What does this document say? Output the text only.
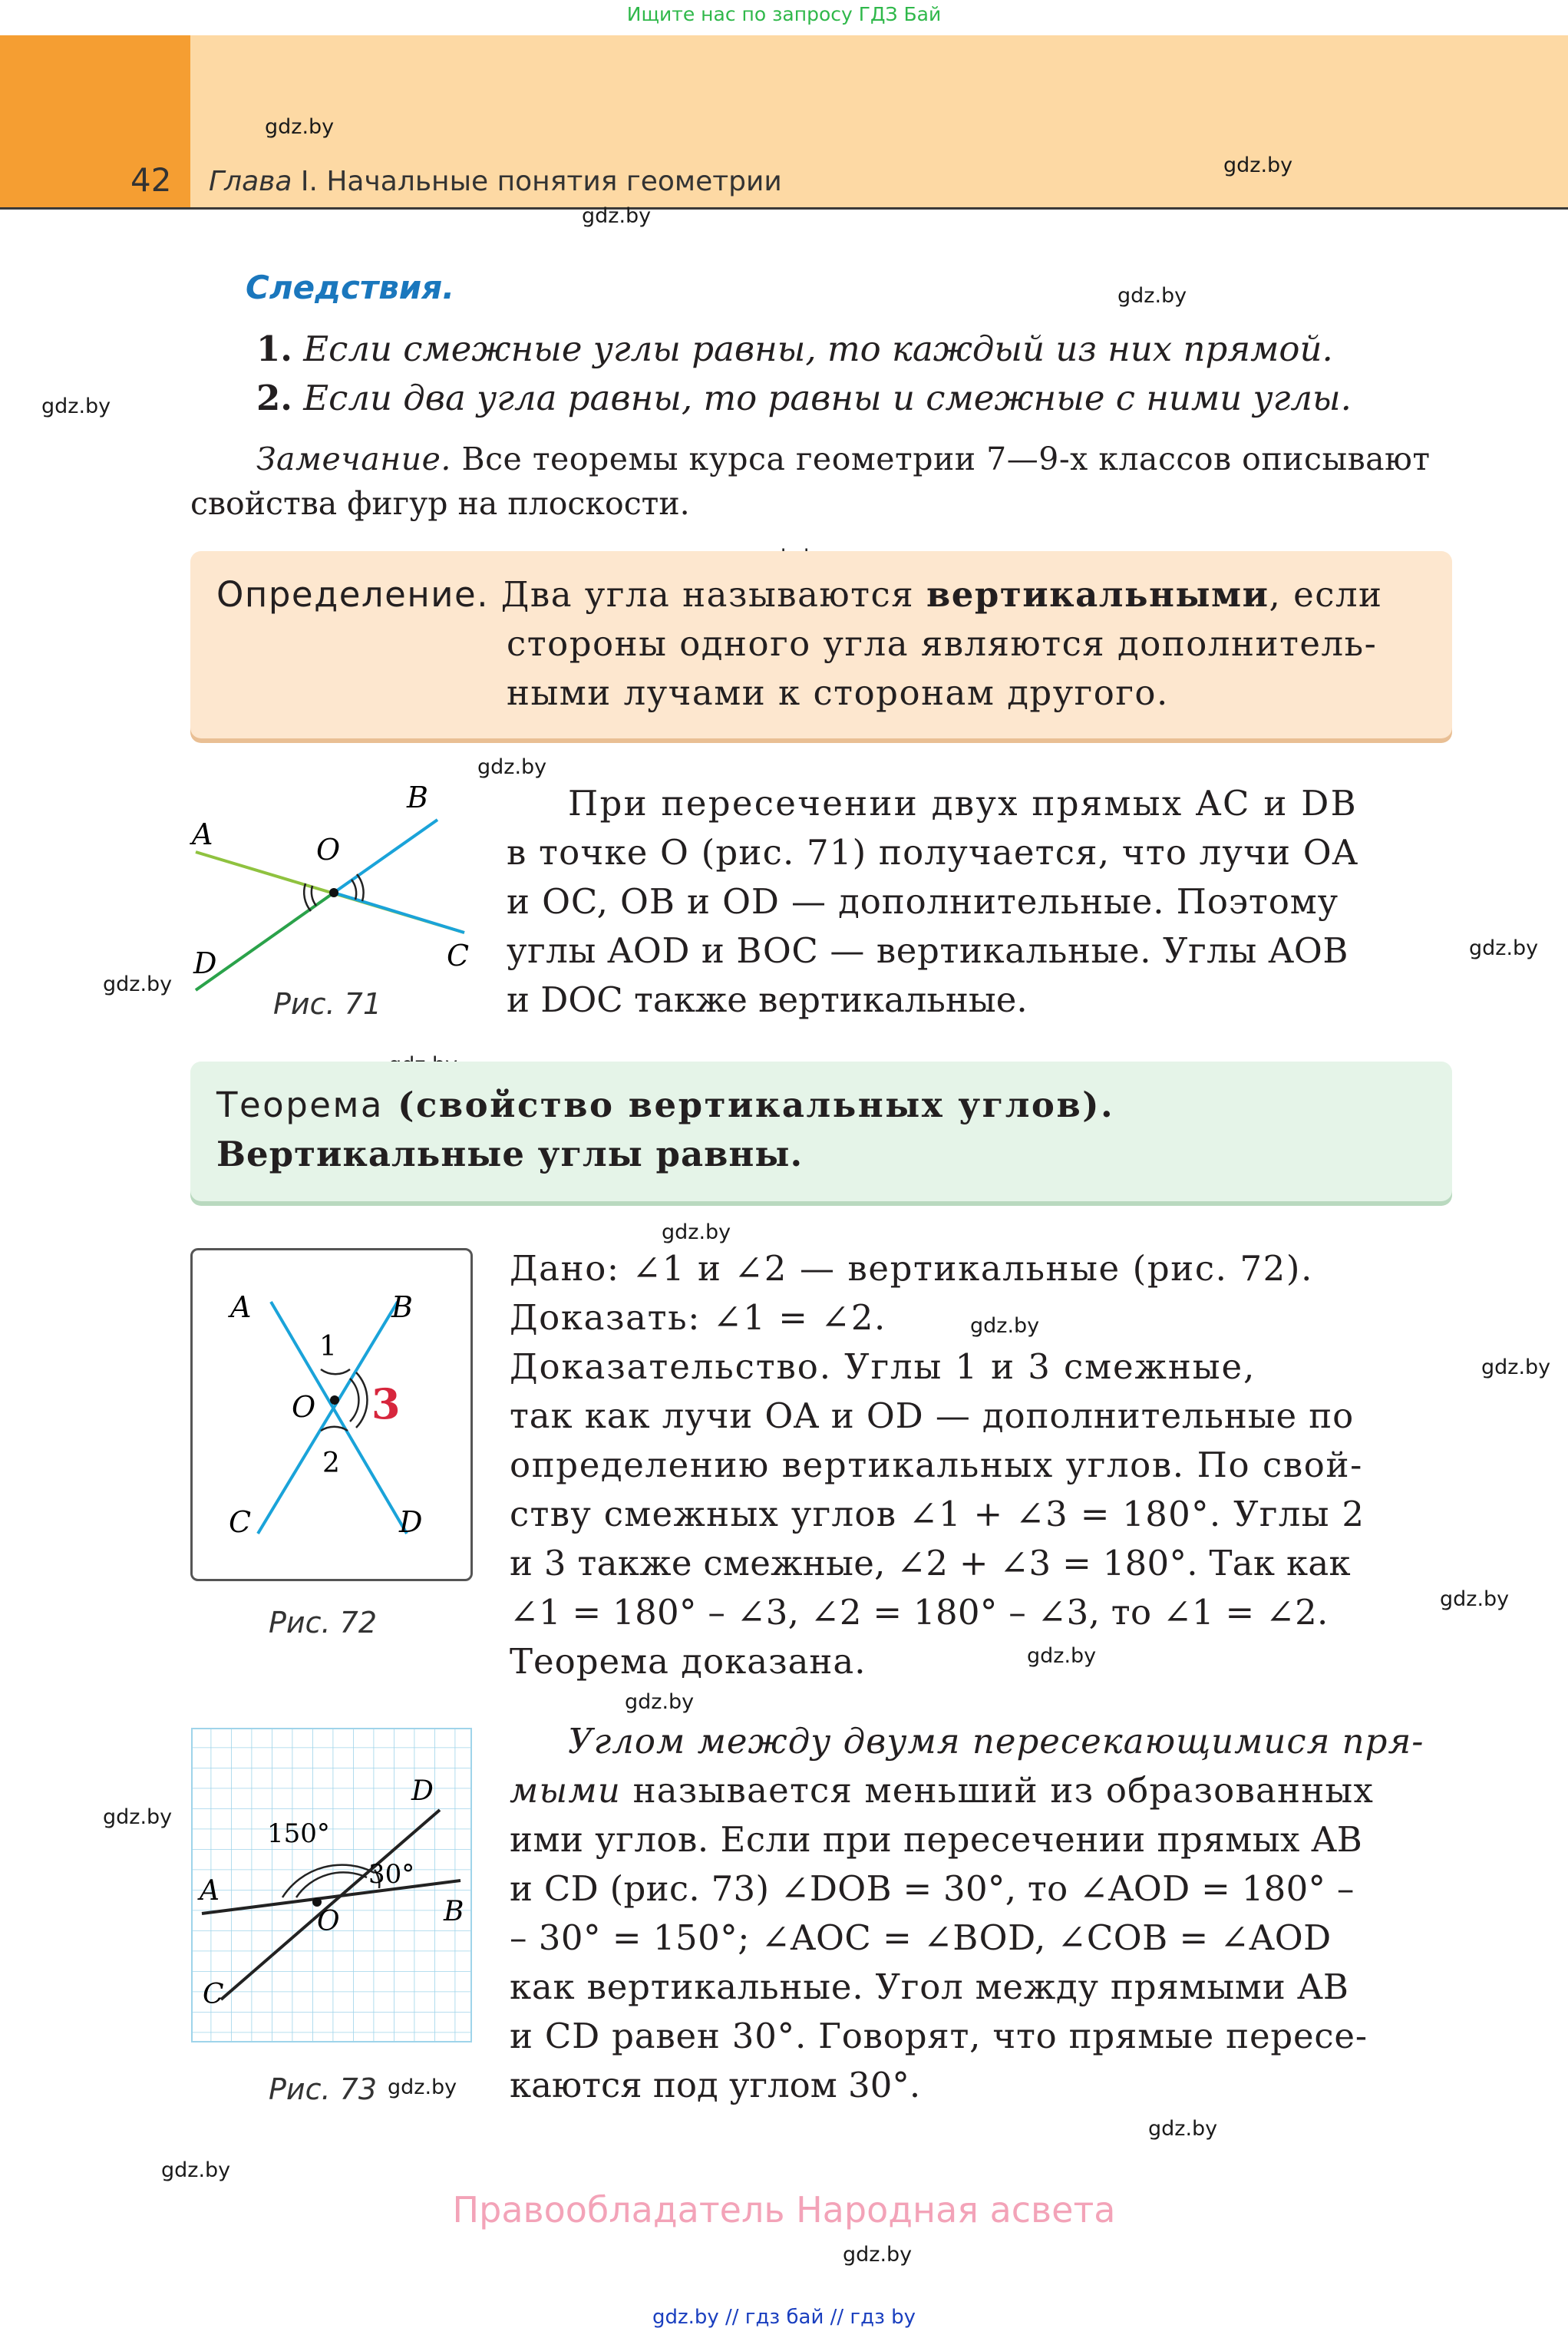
Ищите нас по запросу ГДЗ Бай
42 Глава I. Начальные понятия геометрии
gdz.by
gdz.by
gdz.by
gdz.by
gdz.by
gdz.by
gdz.by
gdz.by
gdz.by
gdz.by
gdz.by
gdz.by
gdz.by
gdz.by
gdz.by
gdz.by
gdz.by
gdz.by
gdz.by
Следствия.
1. Если смежные углы равны, то каждый из них прямой.
2. Если два угла равны, то равны и смежные с ними углы.
Замечание. Все теоремы курса геометрии 7—9-х классов описывают
свойства фигур на плоскости.
Определение. Два угла называются вертикальными, если
стороны одного угла являются дополнитель-
ными лучами к сторонам другого.
A	O
B
C
D
Рис. 71
При пересечении двух прямых AC и DB
в точке O (рис. 71) получается, что лучи OA
и OC, OB и OD — дополнительные. Поэтому
углы AOD и BOC — вертикальные. Углы AOB
и DOC также вертикальные.
Теорема (свойство вертикальных углов).
Вертикальные углы равны.
A	B
C	D
O
1
2
3
Рис. 72
Дано: ∠1 и ∠2 — вертикальные (рис. 72).
Доказать: ∠1 = ∠2.
Доказательство. Углы 1 и 3 смежные,
так как лучи OA и OD — дополнительные по
определению вертикальных углов. По свой-
ству смежных углов ∠1 + ∠3 = 180°. Углы 2
и 3 также смежные, ∠2 + ∠3 = 180°. Так как
∠1 = 180° – ∠3, ∠2 = 180° – ∠3, то ∠1 = ∠2.
Теорема доказана.
150°
30°
A
B
C
D
O
Рис. 73
Углом между двумя пересекающимися пря-
мыми называется меньший из образованных
ими углов. Если при пересечении прямых AB
и CD (рис. 73) ∠DOB = 30°, то ∠AOD = 180° –
– 30° = 150°; ∠AOC = ∠BOD, ∠COB = ∠AOD
как вертикальные. Угол между прямыми AB
и CD равен 30°. Говорят, что прямые пересе-
каются под углом 30°.
Правообладатель Народная асвета
gdz.by // гдз бай // гдз by
